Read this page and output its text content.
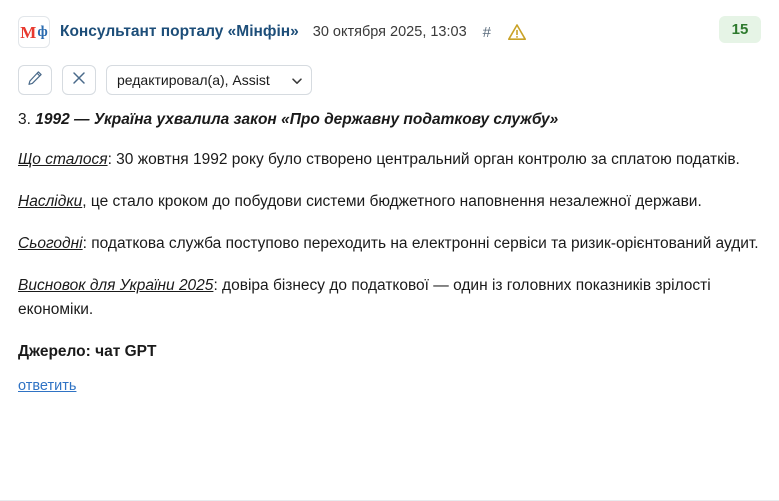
М ф Консультант порталу «Мінфін» 30 октября 2025, 13:03 #	15
редактировал(а), Assist

3. 1992 — Україна ухвалила закон «Про державну податкову службу»

Що сталося: 30 жовтня 1992 року було створено центральний орган контролю за сплатою податків.

Наслідки, це стало кроком до побудови системи бюджетного наповнення незалежної держави.

Сьогодні: податкова служба поступово переходить на електронні сервіси та ризик-орієнтований аудит.

Висновок для України 2025: довіра бізнесу до податкової — один із головних показників зрілості економіки.

Джерело: чат GPT

ответить
